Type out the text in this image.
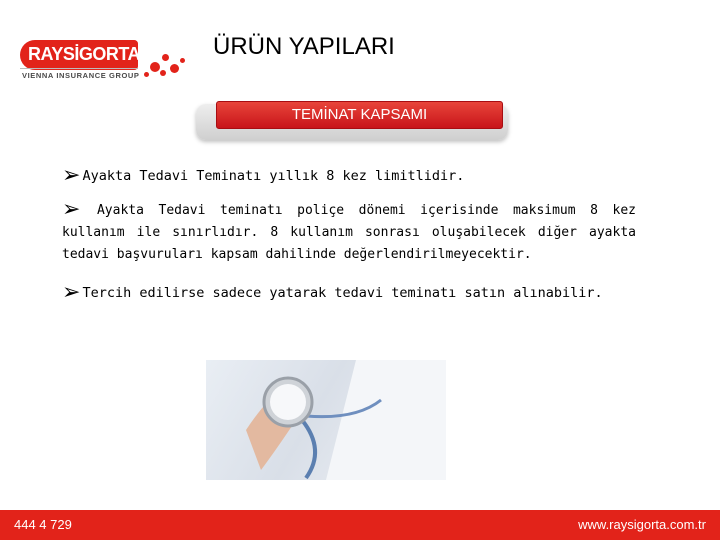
RAYSİGORTA
VIENNA INSURANCE GROUP
ÜRÜN YAPILARI
TEMİNAT KAPSAMI

➢ Ayakta Tedavi Teminatı yıllık 8 kez limitlidir.

➢ Ayakta Tedavi teminatı poliçe dönemi içerisinde maksimum 8 kez kullanım ile sınırlıdır. 8 kullanım sonrası oluşabilecek diğer ayakta tedavi başvuruları kapsam dahilinde değerlendirilmeyecektir.

➢ Tercih edilirse sadece yatarak tedavi teminatı satın alınabilir.

444 4 729	www.raysigorta.com.tr
